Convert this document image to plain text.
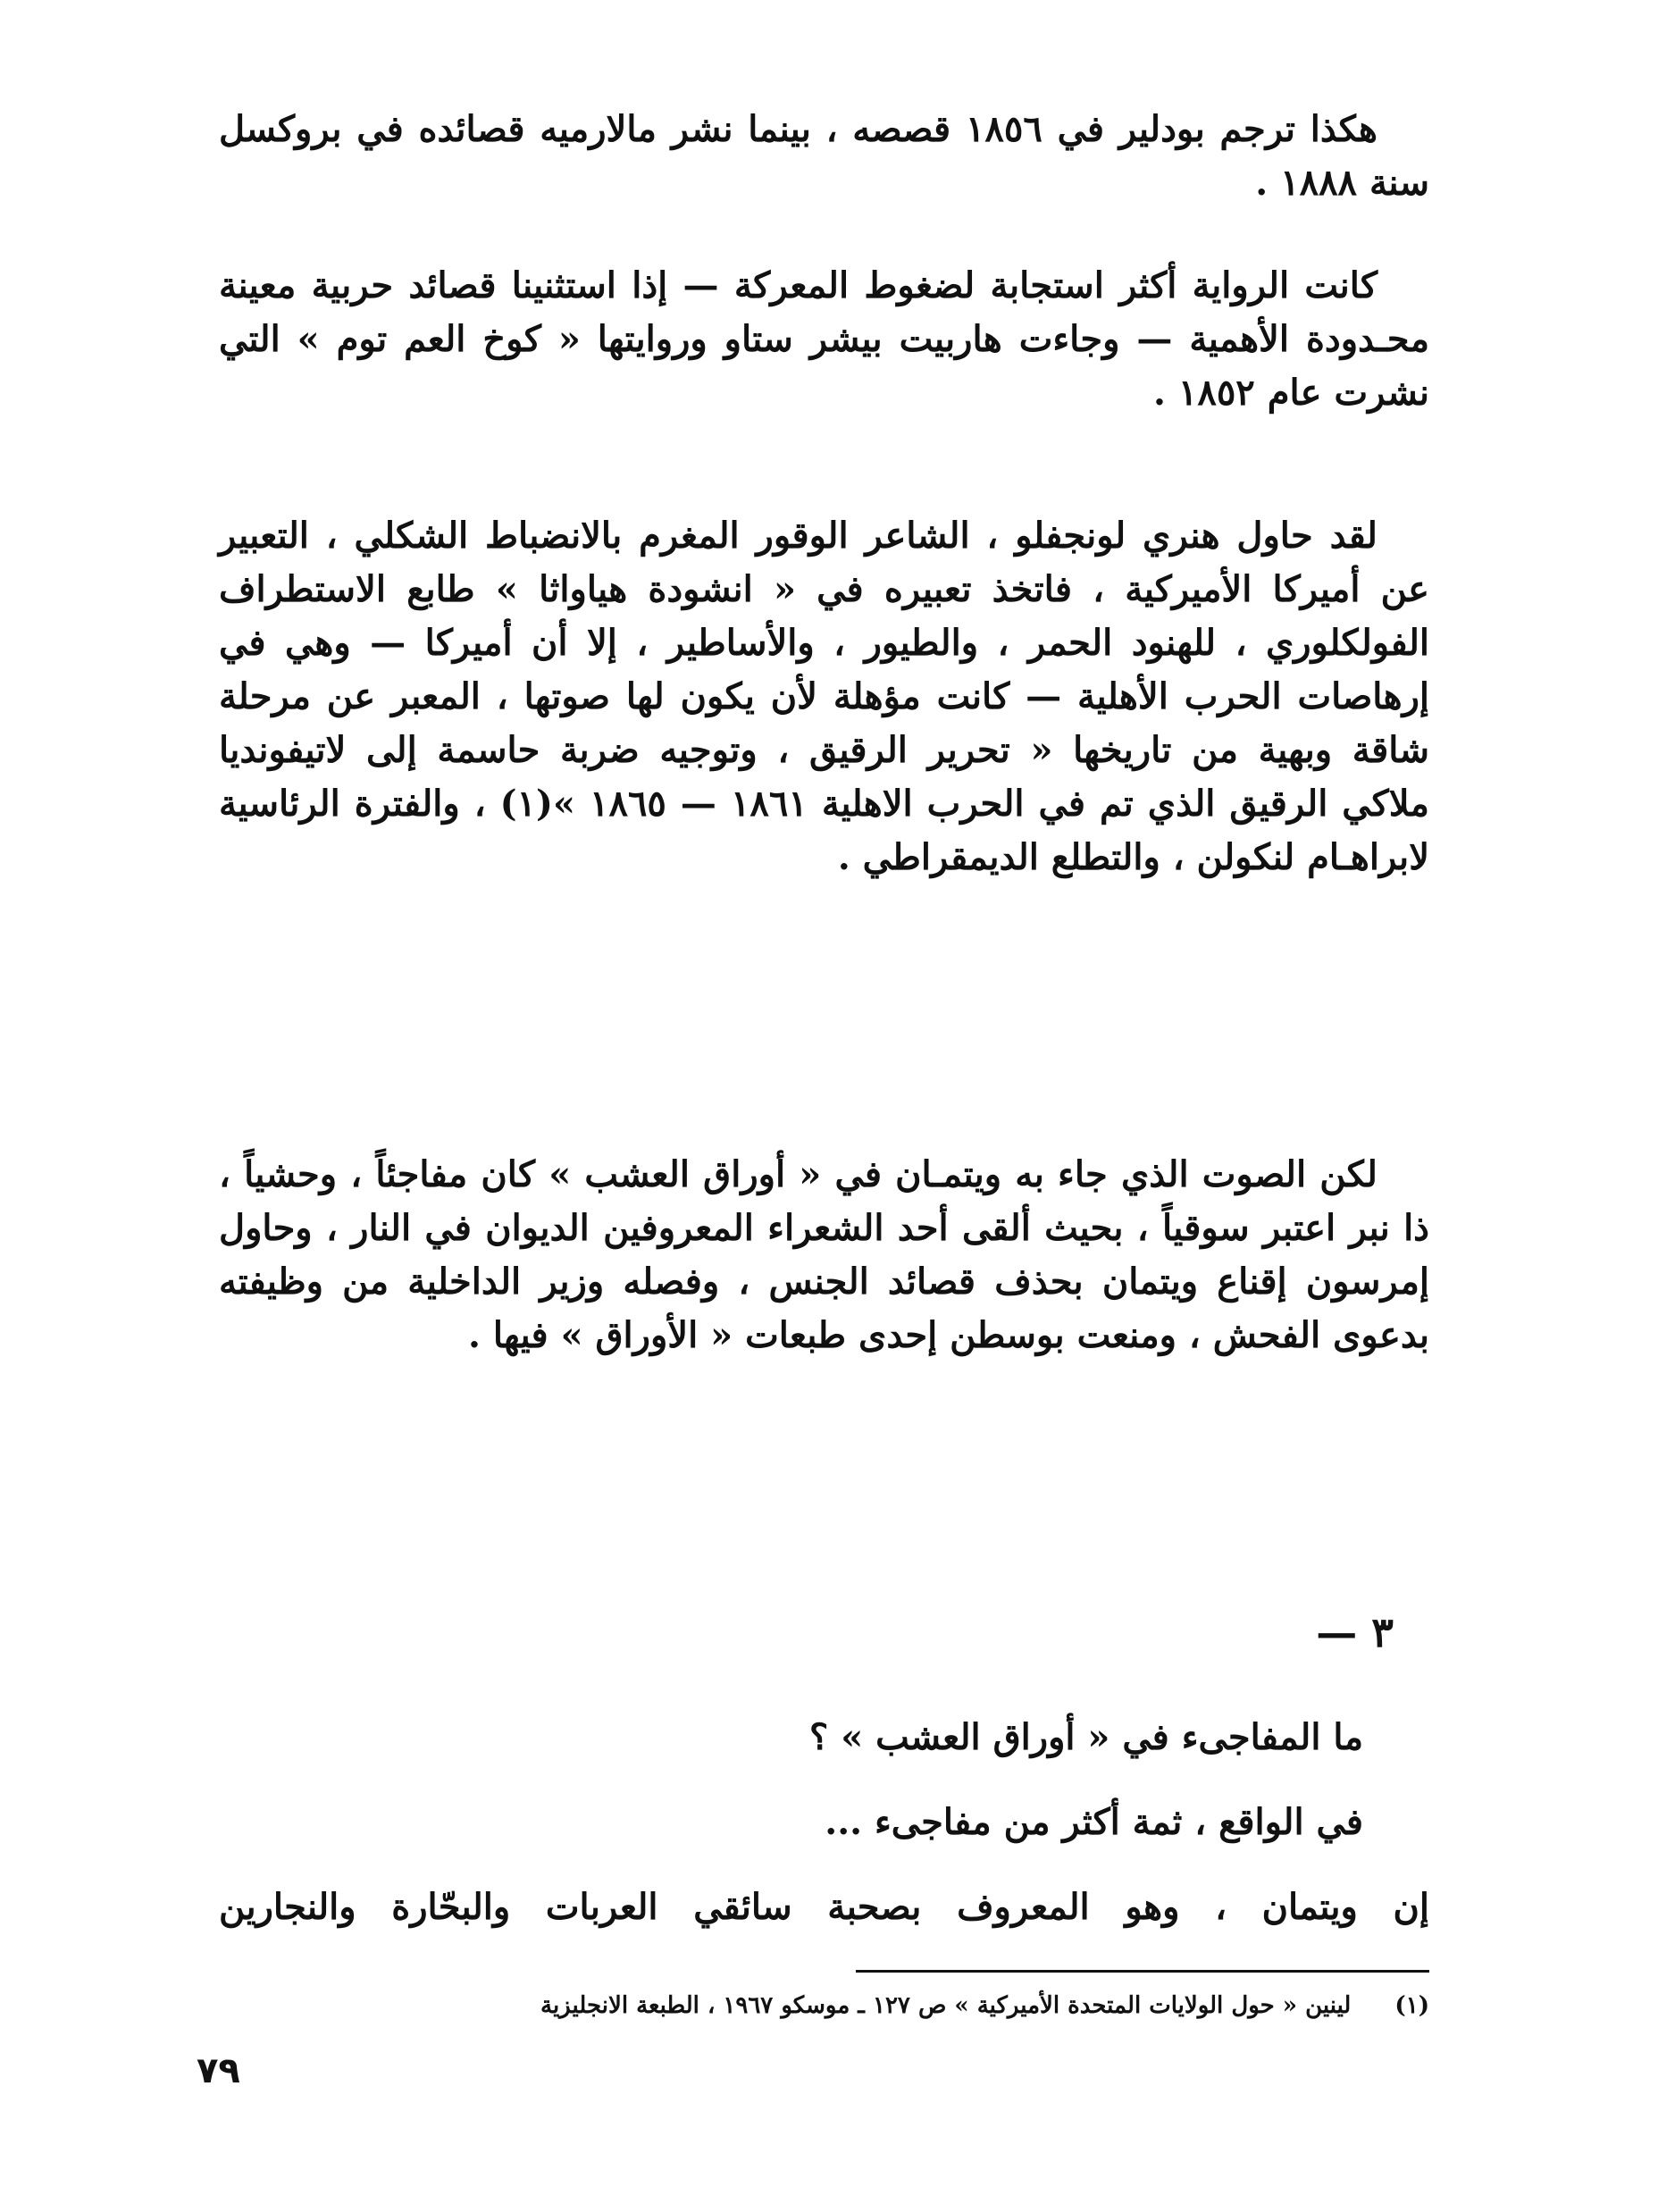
هكذا ترجم بودلير في ١٨٥٦ قصصه ، بينما نشر مالارميه قصائده في بروكسل سنة ١٨٨٨ .

كانت الرواية أكثر استجابة لضغوط المعركة — إذا استثنينا قصائد حربية معينة محـدودة الأهمية — وجاءت هاربيت بيشر ستاو وروايتها « كوخ العم توم » التي نشرت عام ١٨٥٢ .

لقد حاول هنري لونجفلو ، الشاعر الوقور المغرم بالانضباط الشكلي ، التعبير عن أميركا الأميركية ، فاتخذ تعبيره في « انشودة هياواثا » طابع الاستطراف الفولكلوري ، للهنود الحمر ، والطيور ، والأساطير ، إلا أن أميركا — وهي في إرهاصات الحرب الأهلية — كانت مؤهلة لأن يكون لها صوتها ، المعبر عن مرحلة شاقة وبهية من تاريخها « تحرير الرقيق ، وتوجيه ضربة حاسمة إلى لاتيفونديا ملاكي الرقيق الذي تم في الحرب الاهلية ١٨٦١ — ١٨٦٥ »(١) ، والفترة الرئاسية لابراهـام لنكولن ، والتطلع الديمقراطي .

لكن الصوت الذي جاء به ويتمـان في « أوراق العشب » كان مفاجئاً ، وحشياً ، ذا نبر اعتبر سوقياً ، بحيث ألقى أحد الشعراء المعروفين الديوان في النار ، وحاول إمرسون إقناع ويتمان بحذف قصائد الجنس ، وفصله وزير الداخلية من وظيفته بدعوى الفحش ، ومنعت بوسطن إحدى طبعات « الأوراق » فيها .

٣ —
ما المفاجىء في « أوراق العشب » ؟
في الواقع ، ثمة أكثر من مفاجىء ...
إن ويتمان ، وهو المعروف بصحبة سائقي العربات والبحّارة والنجارين
(١) لينين « حول الولايات المتحدة الأميركية » ص ١٢٧ ـ موسكو ١٩٦٧ ، الطبعة الانجليزية
٧٩
